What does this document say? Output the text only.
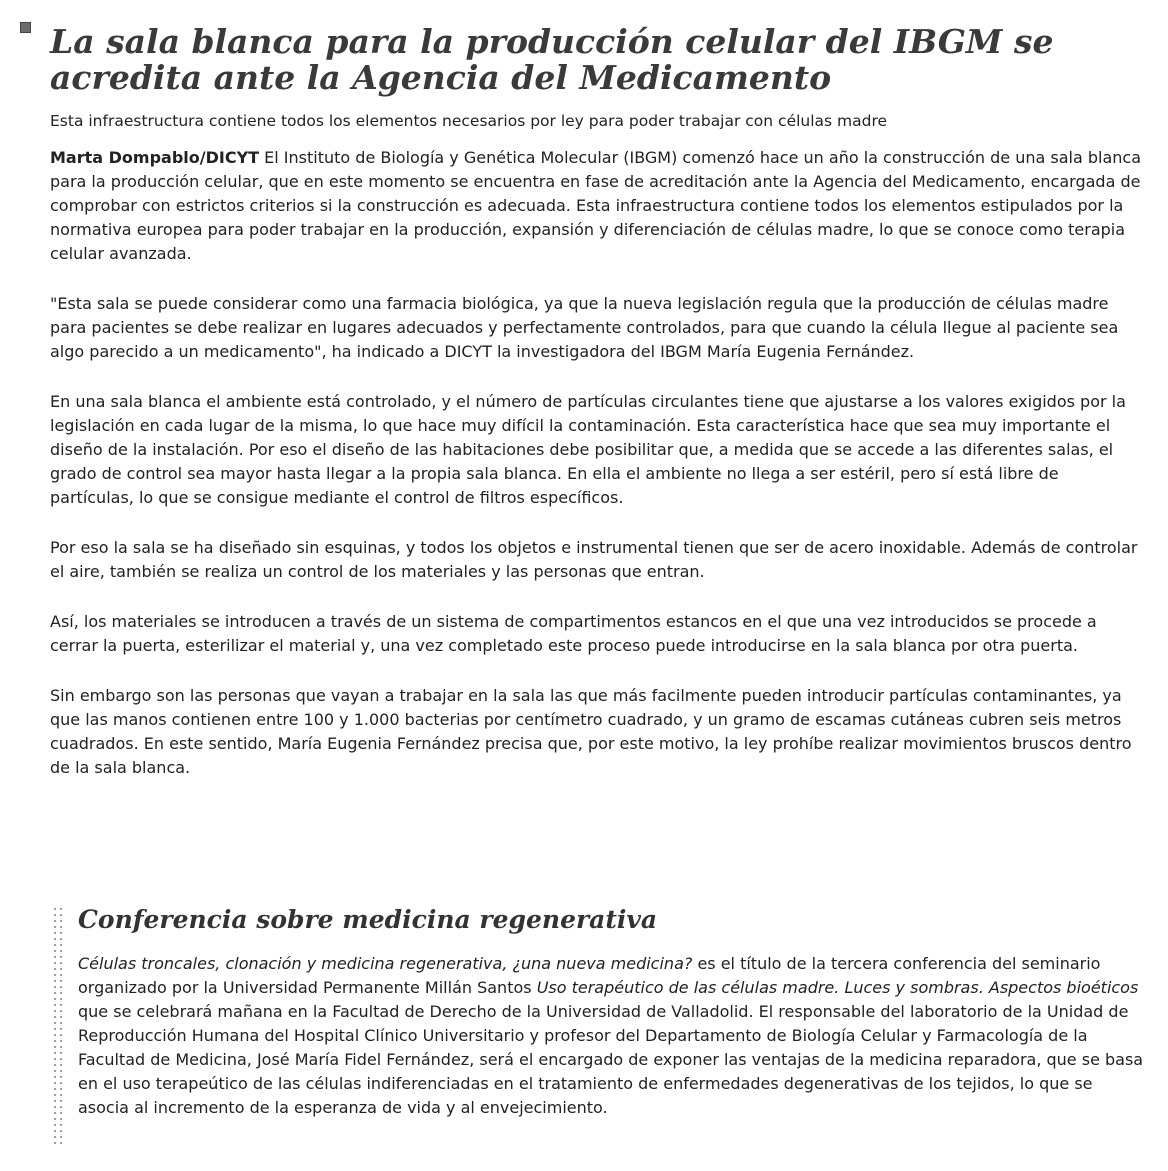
La sala blanca para la producción celular del IBGM se acredita ante la Agencia del Medicamento

Esta infraestructura contiene todos los elementos necesarios por ley para poder trabajar con células madre

Marta Dompablo/DICYT El Instituto de Biología y Genética Molecular (IBGM) comenzó hace un año la construcción de una sala blanca para la producción celular, que en este momento se encuentra en fase de acreditación ante la Agencia del Medicamento, encargada de comprobar con estrictos criterios si la construcción es adecuada. Esta infraestructura contiene todos los elementos estipulados por la normativa europea para poder trabajar en la producción, expansión y diferenciación de células madre, lo que se conoce como terapia celular avanzada.

"Esta sala se puede considerar como una farmacia biológica, ya que la nueva legislación regula que la producción de células madre para pacientes se debe realizar en lugares adecuados y perfectamente controlados, para que cuando la célula llegue al paciente sea algo parecido a un medicamento", ha indicado a DICYT la investigadora del IBGM María Eugenia Fernández.

En una sala blanca el ambiente está controlado, y el número de partículas circulantes tiene que ajustarse a los valores exigidos por la legislación en cada lugar de la misma, lo que hace muy difícil la contaminación. Esta característica hace que sea muy importante el diseño de la instalación. Por eso el diseño de las habitaciones debe posibilitar que, a medida que se accede a las diferentes salas, el grado de control sea mayor hasta llegar a la propia sala blanca. En ella el ambiente no llega a ser estéril, pero sí está libre de partículas, lo que se consigue mediante el control de filtros específicos.

Por eso la sala se ha diseñado sin esquinas, y todos los objetos e instrumental tienen que ser de acero inoxidable. Además de controlar el aire, también se realiza un control de los materiales y las personas que entran.

Así, los materiales se introducen a través de un sistema de compartimentos estancos en el que una vez introducidos se procede a cerrar la puerta, esterilizar el material y, una vez completado este proceso puede introducirse en la sala blanca por otra puerta.

Sin embargo son las personas que vayan a trabajar en la sala las que más facilmente pueden introducir partículas contaminantes, ya que las manos contienen entre 100 y 1.000 bacterias por centímetro cuadrado, y un gramo de escamas cutáneas cubren seis metros cuadrados. En este sentido, María Eugenia Fernández precisa que, por este motivo, la ley prohíbe realizar movimientos bruscos dentro de la sala blanca.

Conferencia sobre medicina regenerativa

Células troncales, clonación y medicina regenerativa, ¿una nueva medicina? es el título de la tercera conferencia del seminario organizado por la Universidad Permanente Millán Santos Uso terapéutico de las células madre. Luces y sombras. Aspectos bioéticos que se celebrará mañana en la Facultad de Derecho de la Universidad de Valladolid. El responsable del laboratorio de la Unidad de Reproducción Humana del Hospital Clínico Universitario y profesor del Departamento de Biología Celular y Farmacología de la Facultad de Medicina, José María Fidel Fernández, será el encargado de exponer las ventajas de la medicina reparadora, que se basa en el uso terapeútico de las células indiferenciadas en el tratamiento de enfermedades degenerativas de los tejidos, lo que se asocia al incremento de la esperanza de vida y al envejecimiento.
